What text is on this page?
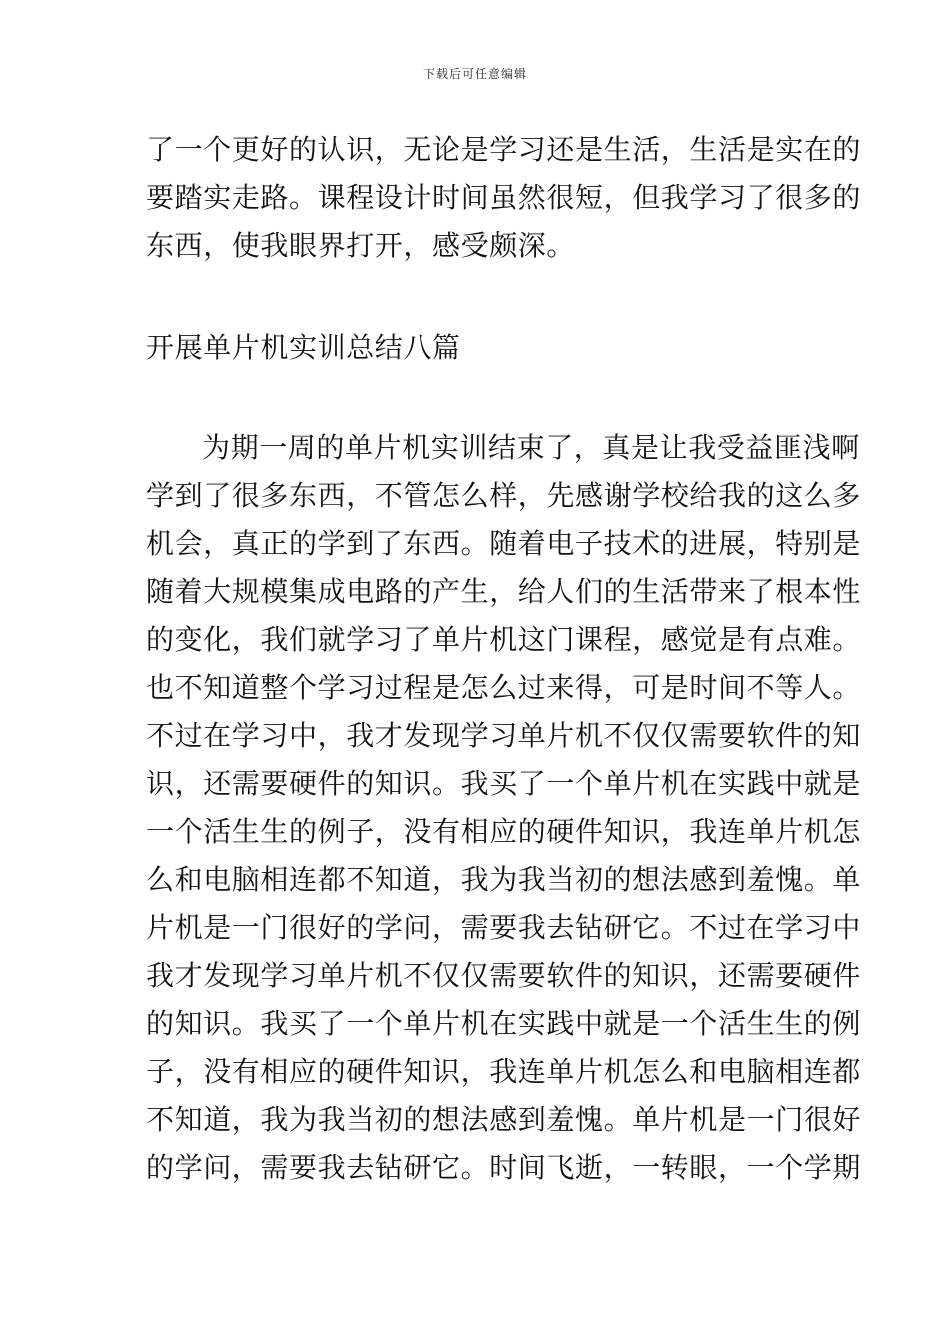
下载后可任意编辑
了一个更好的认识，无论是学习还是生活，生活是实在的
要踏实走路。课程设计时间虽然很短，但我学习了很多的
东西，使我眼界打开，感受颇深。
开展单片机实训总结八篇
为期一周的单片机实训结束了，真是让我受益匪浅啊
学到了很多东西，不管怎么样，先感谢学校给我的这么多
机会，真正的学到了东西。随着电子技术的进展，特别是
随着大规模集成电路的产生，给人们的生活带来了根本性
的变化，我们就学习了单片机这门课程，感觉是有点难。
也不知道整个学习过程是怎么过来得，可是时间不等人。
不过在学习中，我才发现学习单片机不仅仅需要软件的知
识，还需要硬件的知识。我买了一个单片机在实践中就是
一个活生生的例子，没有相应的硬件知识，我连单片机怎
么和电脑相连都不知道，我为我当初的想法感到羞愧。单
片机是一门很好的学问，需要我去钻研它。不过在学习中
我才发现学习单片机不仅仅需要软件的知识，还需要硬件
的知识。我买了一个单片机在实践中就是一个活生生的例
子，没有相应的硬件知识，我连单片机怎么和电脑相连都
不知道，我为我当初的想法感到羞愧。单片机是一门很好
的学问，需要我去钻研它。时间飞逝，一转眼，一个学期
